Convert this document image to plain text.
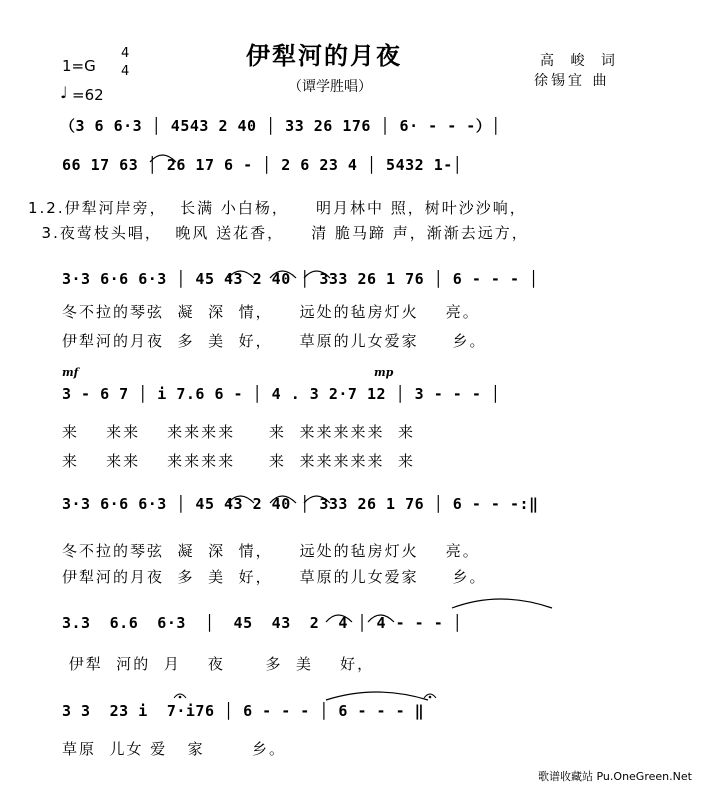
伊犁河的月夜
（谭学胜唱）
1=G
4
4
♩ =62
高 峻 词
徐锡宜 曲
（3 6 6·3 │ 4543 2 40 │ 33 26 176 │ 6· - - -）│
66 17 63 │ 26 17 6 - │ 2 6 23 4 │ 5432 1-│
1.2.伊犁河岸旁，  长满 小白杨，    明月林中 照，树叶沙沙响，
3.夜莺枝头唱，  晚风 送花香，    清 脆马蹄 声，渐渐去远方，
3·3 6·6 6·3 │ 45 43 2 40 │ 333 26 1 76 │ 6 - - - │
冬不拉的琴弦  凝  深  情，    远处的毡房灯火    亮。
伊犁河的月夜  多  美  好，    草原的儿女爱家     乡。
mf	mp
3 - 6 7 │ i 7.6 6 - │ 4 . 3 2·7 12 │ 3 - - - │
来    来来    来来来来     来  来来来来来  来
来    来来    来来来来     来  来来来来来  来
3·3 6·6 6·3 │ 45 43 2 40 │ 333 26 1 76 │ 6 - - -:‖
冬不拉的琴弦  凝  深  情，    远处的毡房灯火    亮。
伊犁河的月夜  多  美  好，    草原的儿女爱家     乡。
3.3  6.6  6·3  │  45  43  2  4 │ 4 - - - │
伊犁  河的  月    夜      多  美    好，
3 3  23 i  7·i76 │ 6 - - - │ 6 - - - ‖
草原  儿女 爱   家       乡。
歌谱收藏站 Pu.OneGreen.Net
